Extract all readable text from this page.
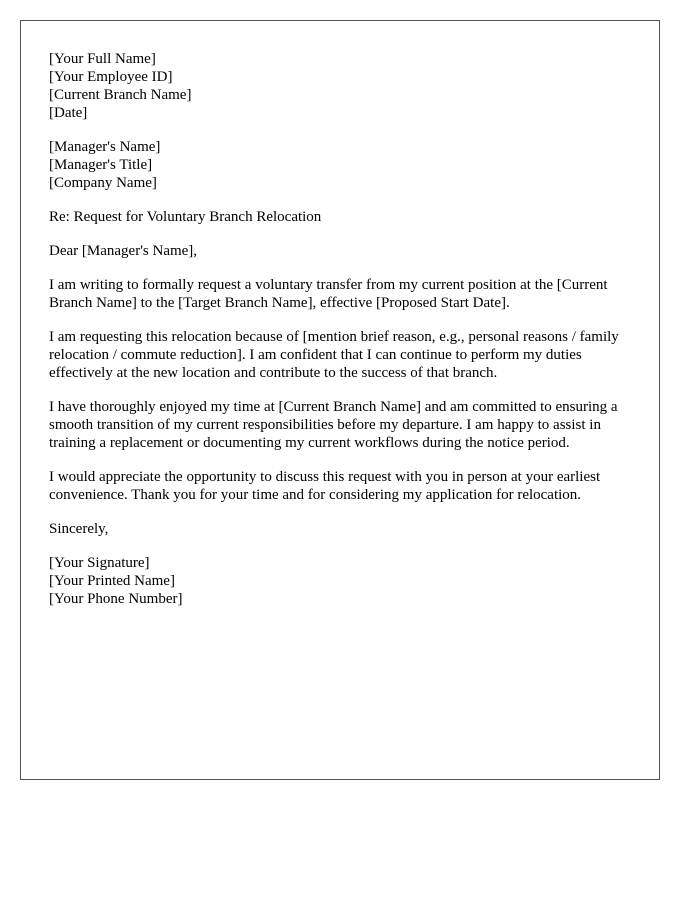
[Your Full Name]
[Your Employee ID]
[Current Branch Name]
[Date]
[Manager's Name]
[Manager's Title]
[Company Name]

Re: Request for Voluntary Branch Relocation

Dear [Manager's Name],

I am writing to formally request a voluntary transfer from my current position at the [Current Branch Name] to the [Target Branch Name], effective [Proposed Start Date].

I am requesting this relocation because of [mention brief reason, e.g., personal reasons / family relocation / commute reduction]. I am confident that I can continue to perform my duties effectively at the new location and contribute to the success of that branch.

I have thoroughly enjoyed my time at [Current Branch Name] and am committed to ensuring a smooth transition of my current responsibilities before my departure. I am happy to assist in training a replacement or documenting my current workflows during the notice period.

I would appreciate the opportunity to discuss this request with you in person at your earliest convenience. Thank you for your time and for considering my application for relocation.

Sincerely,

[Your Signature]
[Your Printed Name]
[Your Phone Number]
